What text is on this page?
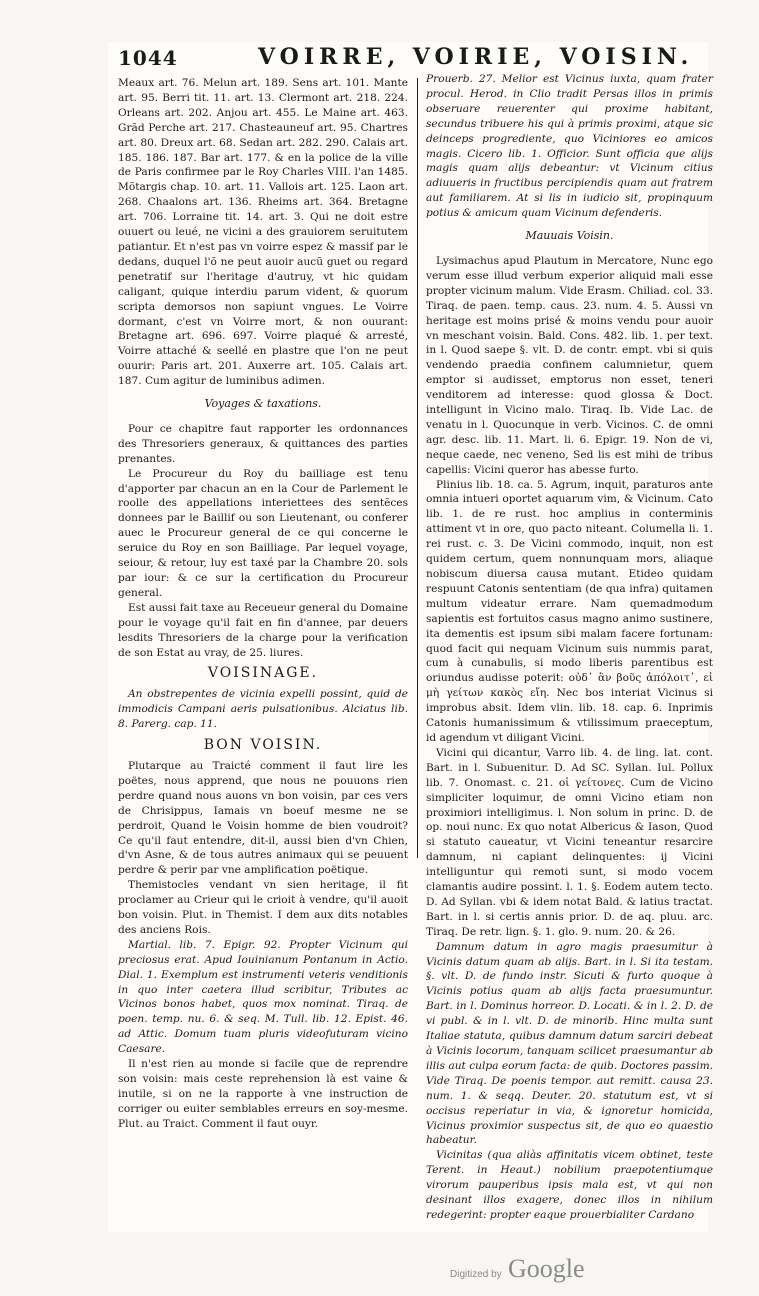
1044	VOIRRE, VOIRIE, VOISIN.

Meaux art. 76. Melun art. 189. Sens art. 101. Mante art. 95. Berri tit. 11. art. 13. Clermont art. 218. 224. Orleans art. 202. Anjou art. 455. Le Maine art. 463. Grãd Perche art. 217. Chasteauneuf art. 95. Chartres art. 80. Dreux art. 68. Sedan art. 282. 290. Calais art. 185. 186. 187. Bar art. 177. & en la police de la ville de Paris confirmee par le Roy Charles VIII. l'an 1485. Mõtargis chap. 10. art. 11. Vallois art. 125. Laon art. 268. Chaalons art. 136. Rheims art. 364. Bretagne art. 706. Lorraine tit. 14. art. 3. Qui ne doit estre ouuert ou leué, ne vicini a des grauiorem seruitutem patiantur. Et n'est pas vn voirre espez & massif par le dedans, duquel l'õ ne peut auoir aucũ guet ou regard penetratif sur l'heritage d'autruy, vt hic quidam caligant, quique interdiu parum vident, & quorum scripta demorsos non sapiunt vngues. Le Voirre dormant, c'est vn Voirre mort, & non ouurant: Bretagne art. 696. 697. Voirre plaqué & arresté, Voirre attaché & seellé en plastre que l'on ne peut ouurir: Paris art. 201. Auxerre art. 105. Calais art. 187. Cum agitur de luminibus adimen.

Voyages & taxations.

Pour ce chapitre faut rapporter les ordonnances des Thresoriers generaux, & quittances des parties prenantes.

Le Procureur du Roy du bailliage est tenu d'apporter par chacun an en la Cour de Parlement le roolle des appellations interiettees des sentẽces donnees par le Baillif ou son Lieutenant, ou conferer auec le Procureur general de ce qui concerne le seruice du Roy en son Bailliage. Par lequel voyage, seiour, & retour, luy est taxé par la Chambre 20. sols par iour: & ce sur la certification du Procureur general.

Est aussi fait taxe au Receueur general du Domaine pour le voyage qu'il fait en fin d'annee, par deuers lesdits Thresoriers de la charge pour la verification de son Estat au vray, de 25. liures.

VOISINAGE.

An obstrepentes de vicinia expelli possint, quid de immodicis Campani aeris pulsationibus. Alciatus lib. 8. Parerg. cap. 11.

BON VOISIN.

Plutarque au Traicté comment il faut lire les poëtes, nous apprend, que nous ne pouuons rien perdre quand nous auons vn bon voisin, par ces vers de Chrisippus, Iamais vn boeuf mesme ne se perdroit, Quand le Voisin homme de bien voudroit? Ce qu'il faut entendre, dit-il, aussi bien d'vn Chien, d'vn Asne, & de tous autres animaux qui se peuuent perdre & perir par vne amplification poëtique.

Themistocles vendant vn sien heritage, il fit proclamer au Crieur qui le crioit à vendre, qu'il auoit bon voisin. Plut. in Themist. I dem aux dits notables des anciens Rois.

Martial. lib. 7. Epigr. 92. Propter Vicinum qui preciosus erat. Apud Iouinianum Pontanum in Actio. Dial. 1. Exemplum est instrumenti veteris venditionis in quo inter caetera illud scribitur, Tributes ac Vicinos bonos habet, quos mox nominat. Tiraq. de poen. temp. nu. 6. & seq. M. Tull. lib. 12. Epist. 46. ad Attic. Domum tuam pluris videofuturam vicino Caesare.

Il n'est rien au monde si facile que de reprendre son voisin: mais ceste reprehension là est vaine & inutile, si on ne la rapporte à vne instruction de corriger ou euiter semblables erreurs en soy-mesme. Plut. au Traict. Comment il faut ouyr.

Prouerb. 27. Melior est Vicinus iuxta, quam frater procul. Herod. in Clio tradit Persas illos in primis obseruare reuerenter qui proxime habitant, secundus tribuere his qui à primis proximi, atque sic deinceps progrediente, quo Viciniores eo amicos magis. Cicero lib. 1. Officior. Sunt officia que alijs magis quam alijs debeantur: vt Vicinum citius adiuueris in fructibus percipiendis quam aut fratrem aut familiarem. At si lis in iudicio sit, propinquum potius & amicum quam Vicinum defenderis.

Mauuais Voisin.

Lysimachus apud Plautum in Mercatore, Nunc ego verum esse illud verbum experior aliquid mali esse propter vicinum malum. Vide Erasm. Chiliad. col. 33. Tiraq. de paen. temp. caus. 23. num. 4. 5. Aussi vn heritage est moins prisé & moins vendu pour auoir vn meschant voisin. Bald. Cons. 482. lib. 1. per text. in l. Quod saepe §. vlt. D. de contr. empt. vbi si quis vendendo praedia confinem calumnietur, quem emptor si audisset, emptorus non esset, teneri venditorem ad interesse: quod glossa & Doct. intelligunt in Vicino malo. Tiraq. Ib. Vide Lac. de venatu in l. Quocunque in verb. Vicinos. C. de omni agr. desc. lib. 11. Mart. li. 6. Epigr. 19. Non de vi, neque caede, nec veneno, Sed lis est mihi de tribus capellis: Vicini queror has abesse furto.

Plinius lib. 18. ca. 5. Agrum, inquit, paraturos ante omnia intueri oportet aquarum vim, & Vicinum. Cato lib. 1. de re rust. hoc amplius in conterminis attiment vt in ore, quo pacto niteant. Columella li. 1. rei rust. c. 3. De Vicini commodo, inquit, non est quidem certum, quem nonnunquam mors, aliaque nobiscum diuersa causa mutant. Etideo quidam respuunt Catonis sententiam (de qua infra) quitamen multum videatur errare. Nam quemadmodum sapientis est fortuitos casus magno animo sustinere, ita dementis est ipsum sibi malam facere fortunam: quod facit qui nequam Vicinum suis nummis parat, cum à cunabulis, si modo liberis parentibus est oriundus audisse poterit: οὐδ᾽ ἂν βοῦς ἀπόλοιτ᾽, εἰ μὴ γείτων κακὸς εἴη. Nec bos interiat Vicinus si improbus absit. Idem vlin. lib. 18. cap. 6. Inprimis Catonis humanissimum & vtilissimum praeceptum, id agendum vt diligant Vicini.

Vicini qui dicantur, Varro lib. 4. de ling. lat. cont. Bart. in l. Subuenitur. D. Ad SC. Syllan. Iul. Pollux lib. 7. Onomast. c. 21. οἱ γείτονες. Cum de Vicino simpliciter loquimur, de omni Vicino etiam non proximiori intelligimus. l. Non solum in princ. D. de op. noui nunc. Ex quo notat Albericus & Iason, Quod si statuto caueatur, vt Vicini teneantur resarcire damnum, ni capiant delinquentes: ij Vicini intelliguntur qui remoti sunt, si modo vocem clamantis audire possint. l. 1. §. Eodem autem tecto. D. Ad Syllan. vbi & idem notat Bald. & latius tractat. Bart. in l. si certis annis prior. D. de aq. pluu. arc. Tiraq. De retr. lign. §. 1. glo. 9. num. 20. & 26.

Damnum datum in agro magis praesumitur à Vicinis datum quam ab alijs. Bart. in l. Si ita testam. §. vlt. D. de fundo instr. Sicuti & furto quoque à Vicinis potius quam ab alijs facta praesumuntur. Bart. in l. Dominus horreor. D. Locati. & in l. 2. D. de vi publ. & in l. vlt. D. de minorib. Hinc multa sunt Italiae statuta, quibus damnum datum sarciri debeat à Vicinis locorum, tanquam scilicet praesumantur ab illis aut culpa eorum facta: de quib. Doctores passim. Vide Tiraq. De poenis tempor. aut remitt. causa 23. num. 1. & seqq. Deuter. 20. statutum est, vt si occisus reperiatur in via, & ignoretur homicida, Vicinus proximior suspectus sit, de quo eo quaestio habeatur.

Vicinitas (qua aliàs affinitatis vicem obtinet, teste Terent. in Heaut.) nobilium praepotentiumque virorum pauperibus ipsis mala est, vt qui non desinant illos exagere, donec illos in nihilum redegerint: propter eaque prouerbialiter Cardano

Digitized by Google
